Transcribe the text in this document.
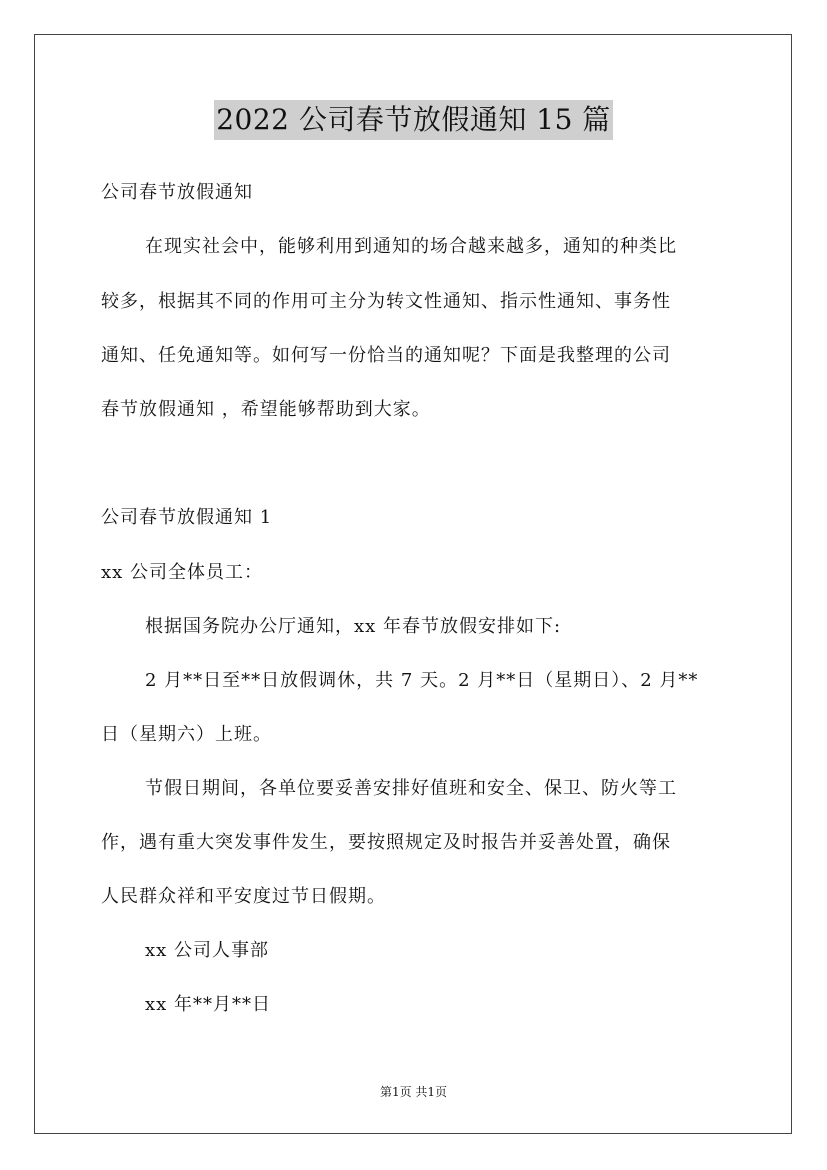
2022 公司春节放假通知 15 篇
公司春节放假通知
在现实社会中，能够利用到通知的场合越来越多，通知的种类比
较多，根据其不同的作用可主分为转文性通知、指示性通知、事务性
通知、任免通知等。如何写一份恰当的通知呢？下面是我整理的公司
春节放假通知 ，希望能够帮助到大家。
公司春节放假通知 1
xx 公司全体员工：
根据国务院办公厅通知，xx 年春节放假安排如下:
2 月**日至**日放假调休，共 7 天。2 月**日（星期日）、2 月**
日（星期六）上班。
节假日期间，各单位要妥善安排好值班和安全、保卫、防火等工
作，遇有重大突发事件发生，要按照规定及时报告并妥善处置，确保
人民群众祥和平安度过节日假期。
xx 公司人事部
xx 年**月**日
第1页 共1页
